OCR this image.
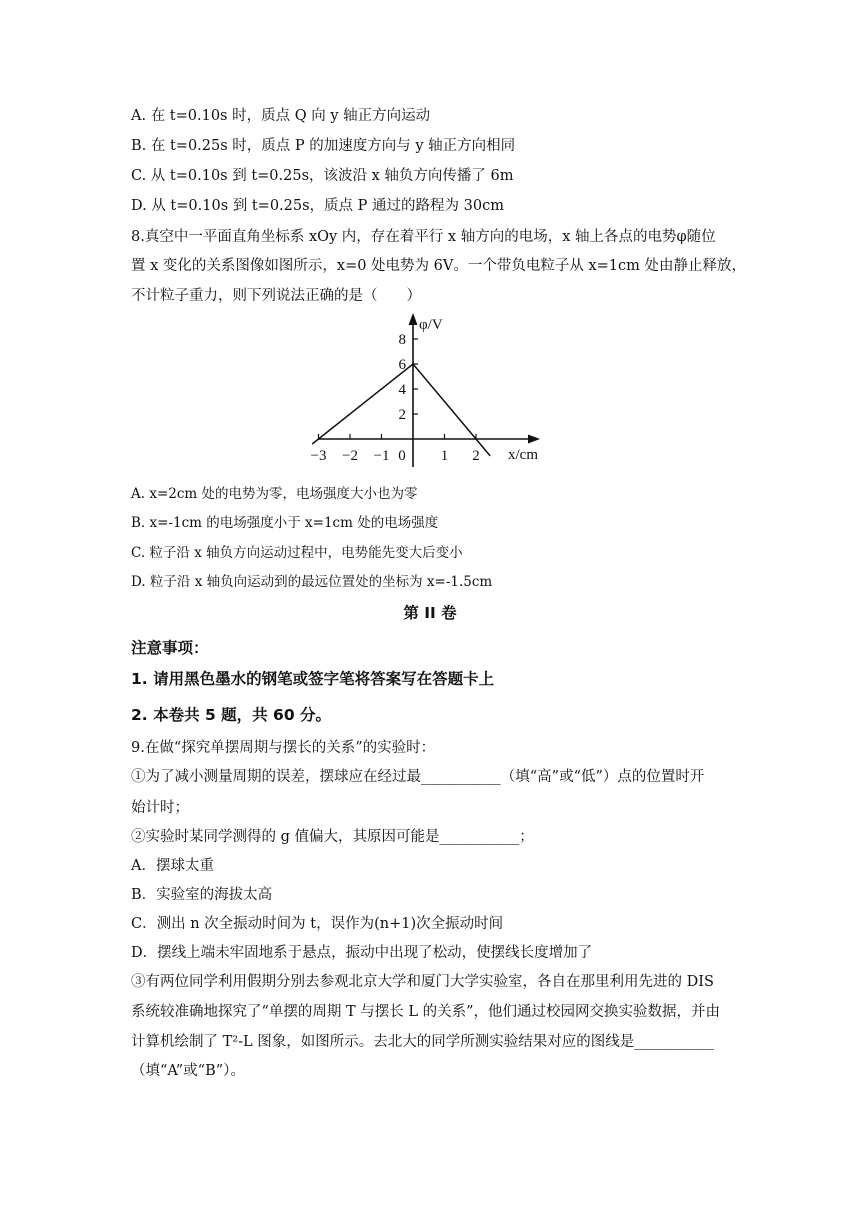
A. 在 t=0.10s 时，质点 Q 向 y 轴正方向运动
B. 在 t=0.25s 时，质点 P 的加速度方向与 y 轴正方向相同
C. 从 t=0.10s 到 t=0.25s，该波沿 x 轴负方向传播了 6m
D. 从 t=0.10s 到 t=0.25s，质点 P 通过的路程为 30cm
8.真空中一平面直角坐标系 xOy 内，存在着平行 x 轴方向的电场，x 轴上各点的电势φ随位
置 x 变化的关系图像如图所示，x=0 处电势为 6V。一个带负电粒子从 x=1cm 处由静止释放，
不计粒子重力，则下列说法正确的是（　　）
−3 −2 −1 0 1 2
2
4
6
8
φ/V
x/cm
A. x=2cm 处的电势为零，电场强度大小也为零
B. x=-1cm 的电场强度小于 x=1cm 处的电场强度
C. 粒子沿 x 轴负方向运动过程中，电势能先变大后变小
D. 粒子沿 x 轴负向运动到的最远位置处的坐标为 x=-1.5cm
第 II 卷
注意事项：
1. 请用黑色墨水的钢笔或签字笔将答案写在答题卡上
2. 本卷共 5 题，共 60 分。
9.在做“探究单摆周期与摆长的关系”的实验时：
①为了减小测量周期的误差，摆球应在经过最___________（填“高”或“低”）点的位置时开
始计时；
②实验时某同学测得的 g 值偏大，其原因可能是___________；
A．摆球太重
B．实验室的海拔太高
C．测出 n 次全振动时间为 t，误作为(n+1)次全振动时间
D．摆线上端未牢固地系于悬点，振动中出现了松动，使摆线长度增加了
③有两位同学利用假期分别去参观北京大学和厦门大学实验室，各自在那里利用先进的 DIS
系统较准确地探究了“单摆的周期 T 与摆长 L 的关系”，他们通过校园网交换实验数据，并由
计算机绘制了 T²-L 图象，如图所示。去北大的同学所测实验结果对应的图线是___________
（填“A”或“B”）。
